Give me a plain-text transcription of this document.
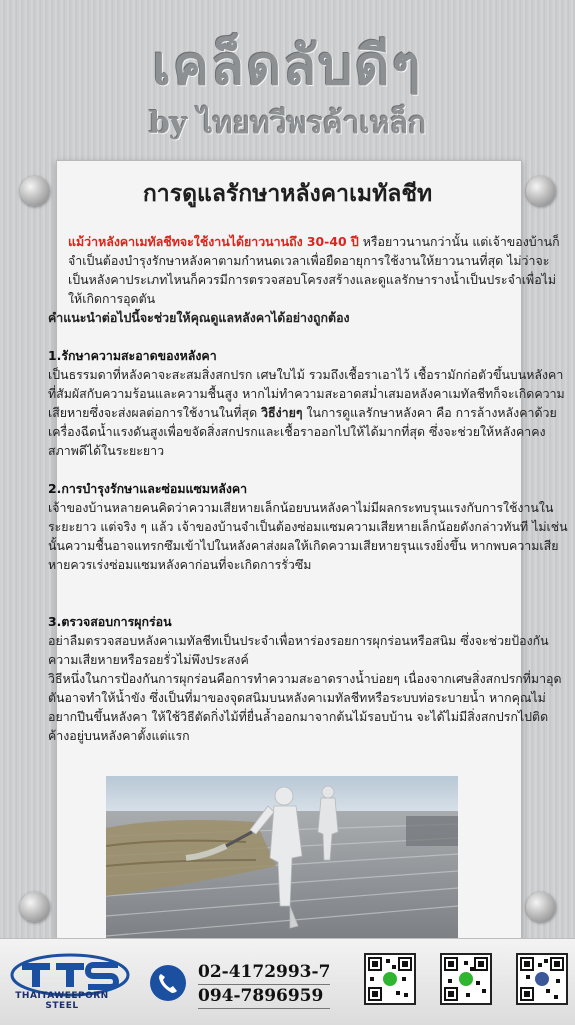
เคล็ดลับดีๆ
by ไทยทวีพรค้าเหล็ก
การดูแลรักษาหลังคาเมทัลชีท

แม้ว่าหลังคาเมทัลชีทจะใช้งานได้ยาวนานถึง 30-40 ปี หรือยาวนานกว่านั้น แต่เจ้าของบ้านก็จำเป็นต้องบำรุงรักษาหลังคาตามกำหนดเวลาเพื่อยืดอายุการใช้งานให้ยาวนานที่สุด ไม่ว่าจะเป็นหลังคาประเภทไหนก็ควรมีการตรวจสอบโครงสร้างและดูแลรักษารางน้ำเป็นประจำเพื่อไม่ให้เกิดการอุดตัน

คำแนะนำต่อไปนี้จะช่วยให้คุณดูแลหลังคาได้อย่างถูกต้อง

1.รักษาความสะอาดของหลังคา

เป็นธรรมดาที่หลังคาจะสะสมสิ่งสกปรก เศษใบไม้ รวมถึงเชื้อราเอาไว้ เชื้อรามักก่อตัวขึ้นบนหลังคาที่สัมผัสกับความร้อนและความชื้นสูง หากไม่ทำความสะอาดสม่ำเสมอหลังคาเมทัลชีทก็จะเกิดความเสียหายซึ่งจะส่งผลต่อการใช้งานในที่สุด วิธีง่ายๆ ในการดูแลรักษาหลังคา คือ การล้างหลังคาด้วยเครื่องฉีดน้ำแรงดันสูงเพื่อขจัดสิ่งสกปรกและเชื้อราออกไปให้ได้มากที่สุด ซึ่งจะช่วยให้หลังคาคงสภาพดีได้ในระยะยาว

2.การบำรุงรักษาและซ่อมแซมหลังคา

เจ้าของบ้านหลายคนคิดว่าความเสียหายเล็กน้อยบนหลังคาไม่มีผลกระทบรุนแรงกับการใช้งานในระยะยาว แต่จริง ๆ แล้ว เจ้าของบ้านจำเป็นต้องซ่อมแซมความเสียหายเล็กน้อยดังกล่าวทันที ไม่เช่นนั้นความชื้นอาจแทรกซึมเข้าไปในหลังคาส่งผลให้เกิดความเสียหายรุนแรงยิ่งขึ้น หากพบความเสียหายควรเร่งซ่อมแซมหลังคาก่อนที่จะเกิดการรั่วซึม

3.ตรวจสอบการผุกร่อน

อย่าลืมตรวจสอบหลังคาเมทัลชีทเป็นประจำเพื่อหาร่องรอยการผุกร่อนหรือสนิม ซึ่งจะช่วยป้องกันความเสียหายหรือรอยรั่วไม่พึงประสงค์

วิธีหนึ่งในการป้องกันการผุกร่อนคือการทำความสะอาดรางน้ำบ่อยๆ เนื่องจากเศษสิ่งสกปรกที่มาอุดตันอาจทำให้น้ำขัง ซึ่งเป็นที่มาของจุดสนิมบนหลังคาเมทัลชีทหรือระบบท่อระบายน้ำ หากคุณไม่อยากปีนขึ้นหลังคา ให้ใช้วิธีตัดกิ่งไม้ที่ยื่นล้ำออกมาจากต้นไม้รอบบ้าน จะได้ไม่มีสิ่งสกปรกไปติดค้างอยู่บนหลังคาตั้งแต่แรก

THAITAWEEPORN STEEL
02-4172993-7
094-7896959
